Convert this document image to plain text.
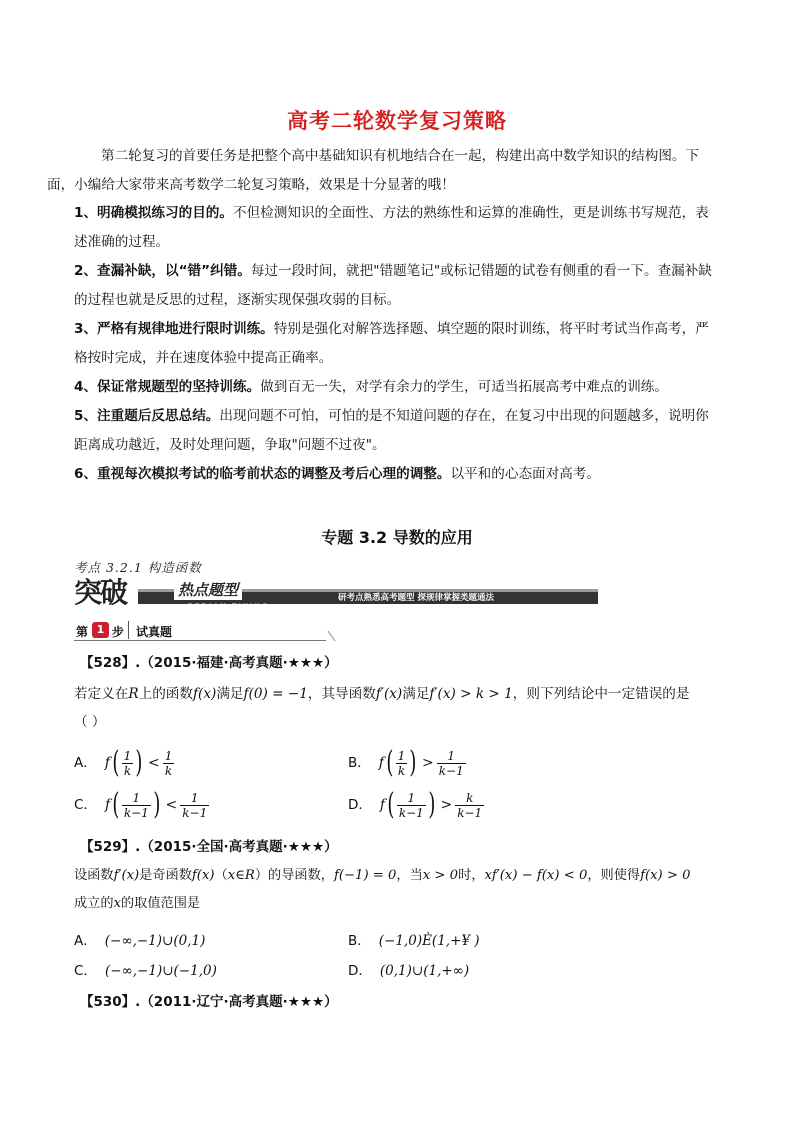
高考二轮数学复习策略
第二轮复习的首要任务是把整个高中基础知识有机地结合在一起，构建出高中数学知识的结构图。下
面，小编给大家带来高考数学二轮复习策略，效果是十分显著的哦！
1、明确模拟练习的目的。不但检测知识的全面性、方法的熟练性和运算的准确性，更是训练书写规范，表
述准确的过程。
2、查漏补缺，以“错”纠错。每过一段时间，就把"错题笔记"或标记错题的试卷有侧重的看一下。查漏补缺
的过程也就是反思的过程，逐渐实现保强攻弱的目标。
3、严格有规律地进行限时训练。特别是强化对解答选择题、填空题的限时训练，将平时考试当作高考，严
格按时完成，并在速度体验中提高正确率。
4、保证常规题型的坚持训练。做到百无一失，对学有余力的学生，可适当拓展高考中难点的训练。
5、注重题后反思总结。出现问题不可怕，可怕的是不知道问题的存在，在复习中出现的问题越多，说明你
距离成功越近，及时处理问题，争取"问题不过夜"。
6、重视每次模拟考试的临考前状态的调整及考后心理的调整。以平和的心态面对高考。
专题 3.2 导数的应用
考点 3.2.1 构造函数
突破	热点题型
REDIAN TIXING
研考点熟悉高考题型 探规律掌握类题通法
第 1 步 试真题
【528】.（2015·福建·高考真题·★★★）
若定义在R上的函数f(x)满足f(0) = −1，其导函数f′(x)满足f′(x) > k > 1，则下列结论中一定错误的是
（ ）
A． $f( \frac{1}{k}$ ) < $\frac{1}{k}$	B． $f( \frac{1}{k}$ ) > $\frac{1}{k-1}$
C． $f( \frac{1}{k-1}$ ) < $\frac{1}{k-1}$	D． $f( \frac{1}{k-1}$ ) > $\frac{k}{k-1}$
【529】.（2015·全国·高考真题·★★★）
设函数f′(x)是奇函数f(x)（x∈R）的导函数，f(−1) = 0，当x > 0时，xf′(x) − f(x) < 0，则使得f(x) > 0
成立的x的取值范围是
A． (−∞,−1)∪(0,1)	B． (−1,0)È(1,+¥ )
C． (−∞,−1)∪(−1,0)	D． (0,1)∪(1,+∞)
【530】.（2011·辽宁·高考真题·★★★）
